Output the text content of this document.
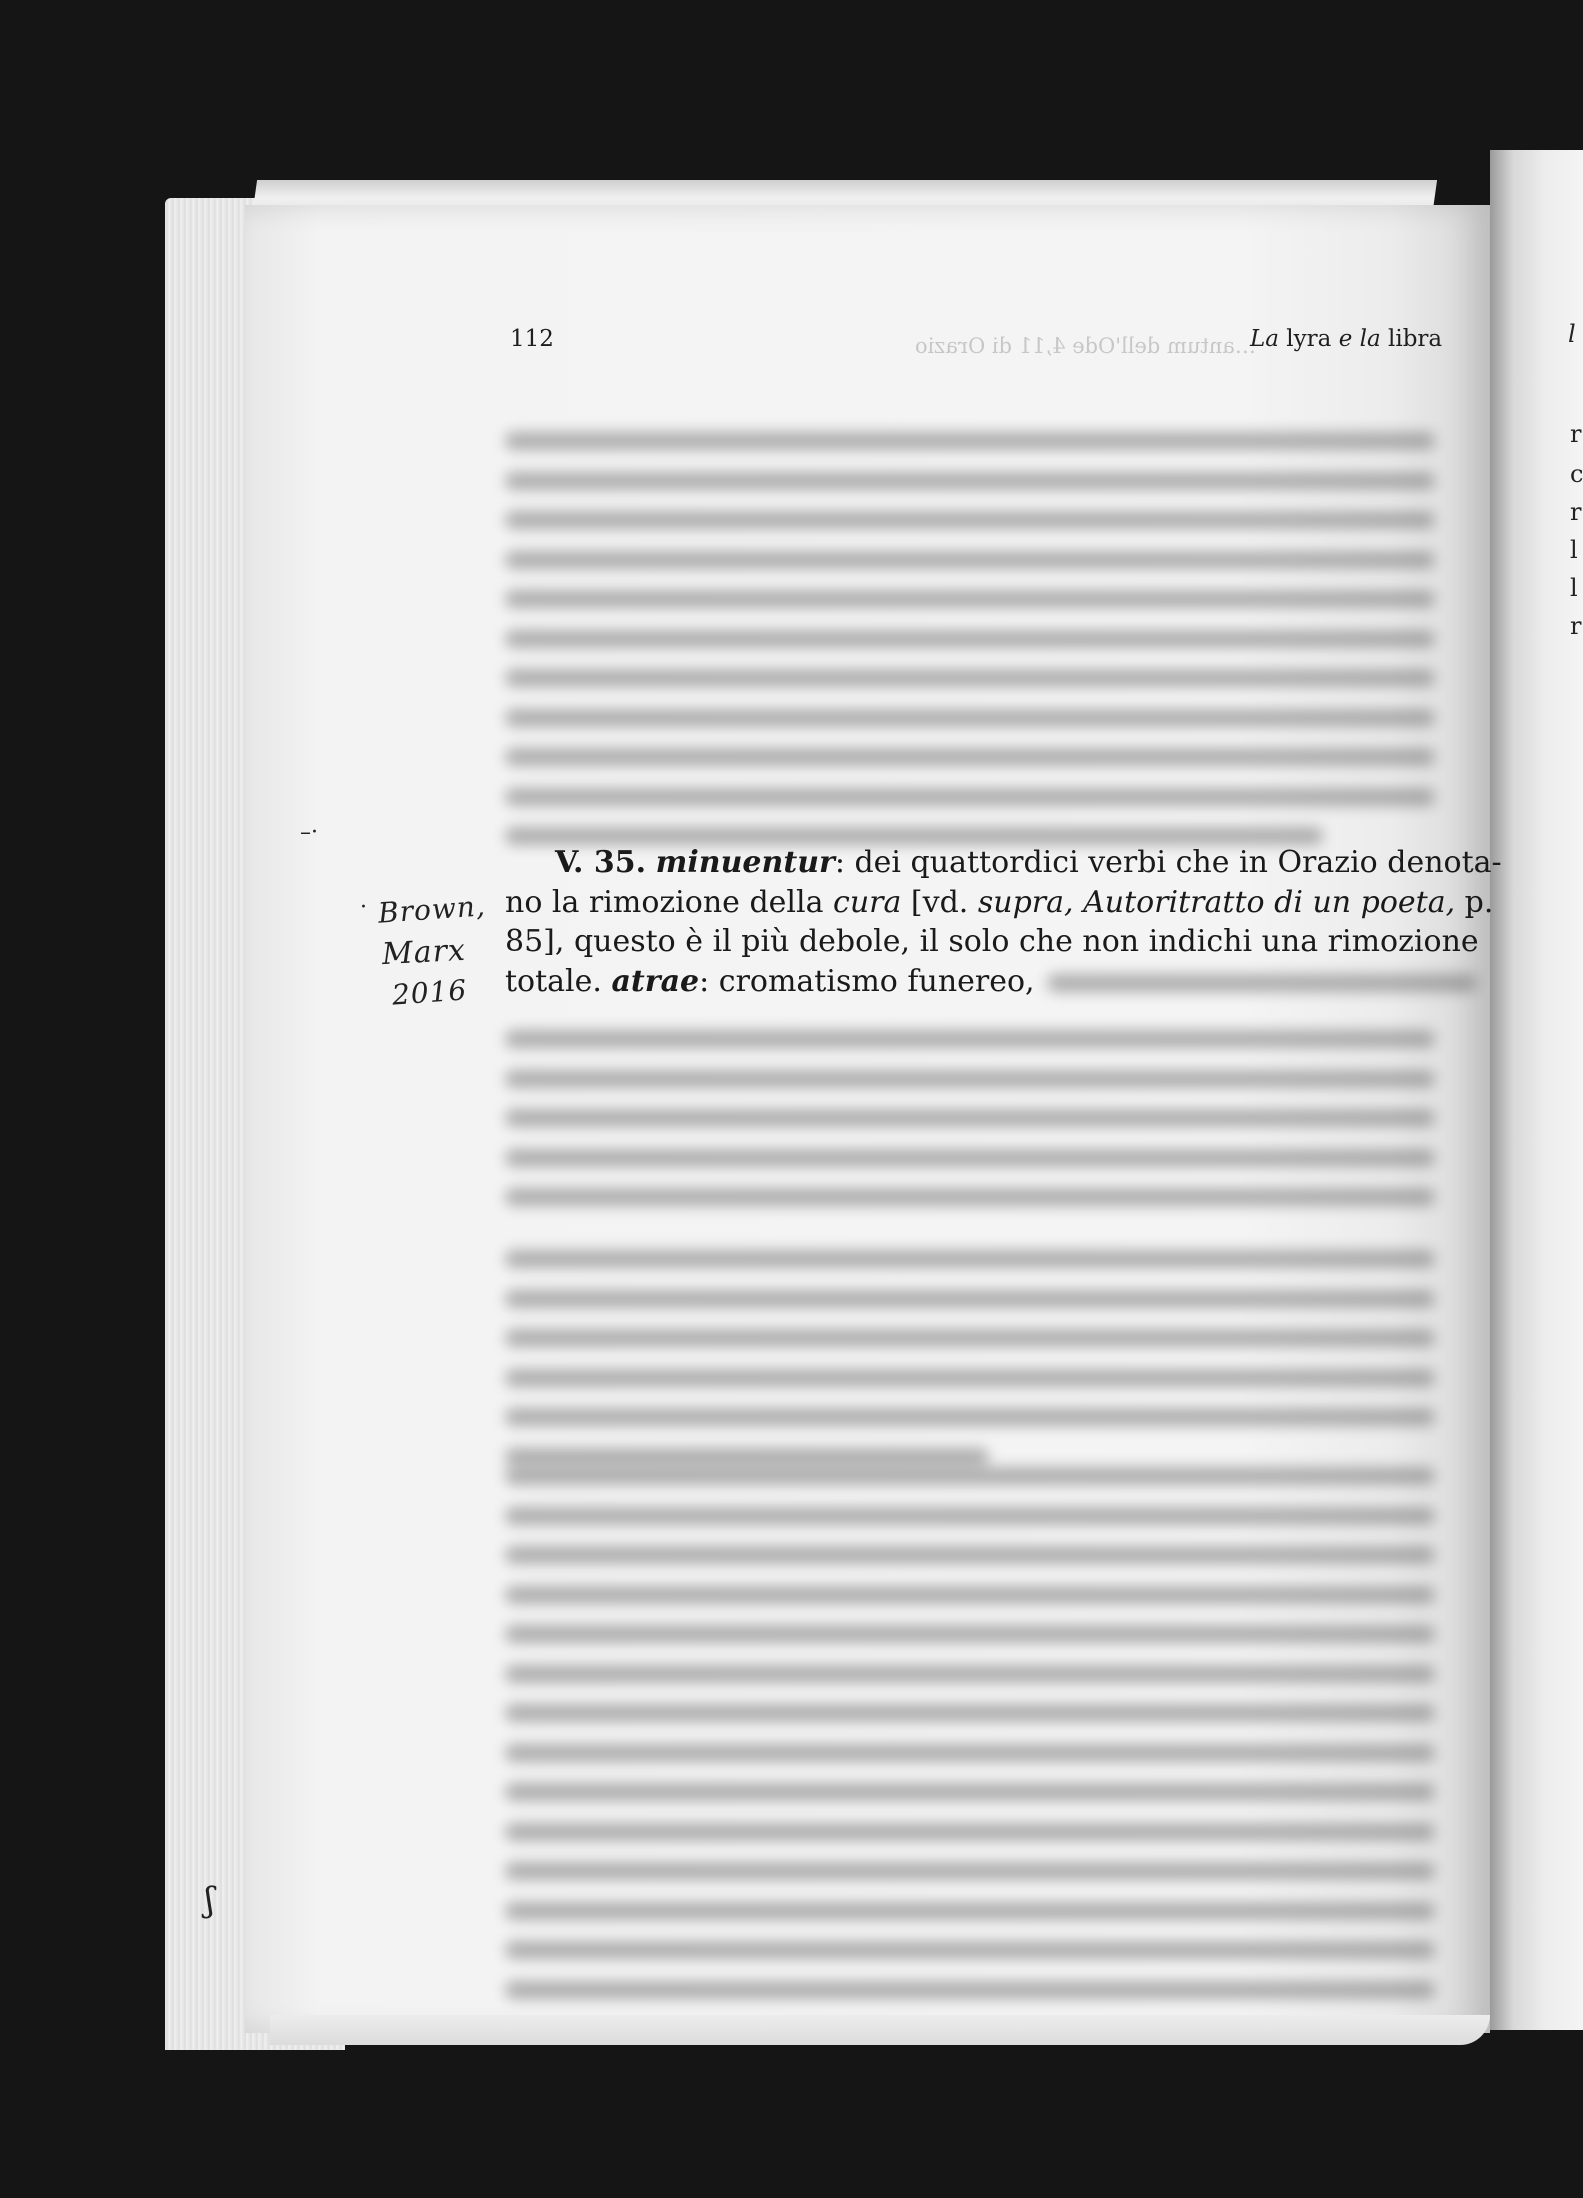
l
r
c
r
l
l
r
112	…antum dell'Ode 4,11 di Orazio
La lyra e la libra
V. 35. minuentur: dei quattordici verbi che in Orazio denota-
no la rimozione della cura [vd. supra, Autoritratto di un poeta, p.
85], questo è il più debole, il solo che non indichi una rimozione
totale. atrae: cromatismo funereo,
–·
· Brown,
Marx
2016
ʃ
